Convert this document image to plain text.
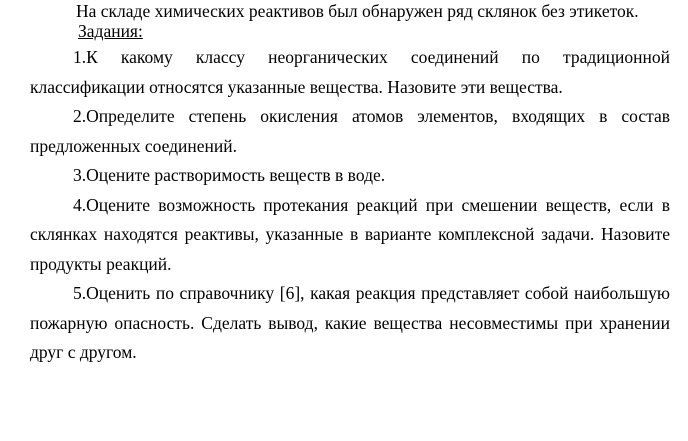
На складе химических реактивов был обнаружен ряд склянок без этикеток.

Задания:

1.К какому классу неорганических соединений по традиционной классификации относятся указанные вещества. Назовите эти вещества.

2.Определите степень окисления атомов элементов, входящих в состав предложенных соединений.

3.Оцените растворимость веществ в воде.

4.Оцените возможность протекания реакций при смешении веществ, если в склянках находятся реактивы, указанные в варианте комплексной задачи. Назовите продукты реакций.

5.Оценить по справочнику [6], какая реакция представляет собой наибольшую пожарную опасность. Сделать вывод, какие вещества несовместимы при хранении друг с другом.
